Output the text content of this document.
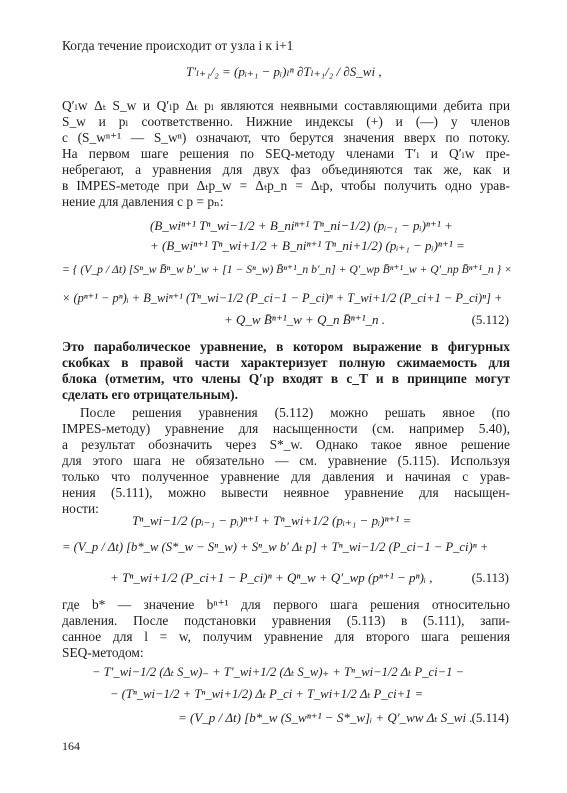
Когда течение происходит от узла i к i+1
T′ₗ₊₁/₂ = (pᵢ₊₁ − pᵢ)ₗⁿ ∂Tₗ₊₁/₂ / ∂S_wi ,
Q′ₗw Δₜ S_w и Q′ₗp Δₜ pₗ являются неявными составляющими дебита при
S_w и pₗ соответственно. Нижние индексы (+) и (—) у членов
с (S_wⁿ⁺¹ — S_wⁿ) означают, что берутся значения вверх по потоку.
На первом шаге решения по SEQ-методу членами T′ₗ и Q′ₗw пре-
небрегают, а уравнения для двух фаз объединяются так же, как и
в IMPES-методе при Δₜp_w = Δₜp_n = Δₜp, чтобы получить одно урав-
нение для давления с p = pₙ:
(B_wiⁿ⁺¹ Tⁿ_wi−1/2 + B_niⁿ⁺¹ Tⁿ_ni−1/2) (pᵢ₋₁ − pᵢ)ⁿ⁺¹ +
+ (B_wiⁿ⁺¹ Tⁿ_wi+1/2 + B_niⁿ⁺¹ Tⁿ_ni+1/2) (pᵢ₊₁ − pᵢ)ⁿ⁺¹ =
= { (V_p / Δt) [Sⁿ_w B̄ⁿ_w b′_w + [1 − Sⁿ_w) B̄ⁿ⁺¹_n b′_n] + Q′_wp B̄ⁿ⁺¹_w + Q′_np B̄ⁿ⁺¹_n } ×
× (pⁿ⁺¹ − pⁿ)ᵢ + B_wiⁿ⁺¹ (Tⁿ_wi−1/2 (P_ci−1 − P_ci)ⁿ + T_wi+1/2 (P_ci+1 − P_ci)ⁿ] +
+ Q_w B̄ⁿ⁺¹_w + Q_n B̄ⁿ⁺¹_n .	(5.112)
Это параболическое уравнение, в котором выражение в фигурных
скобках в правой части характеризует полную сжимаемость для
блока (отметим, что члены Q′ₗp входят в c_T и в принципе могут
сделать его отрицательным).
После решения уравнения (5.112) можно решать явное (по
IMPES-методу) уравнение для насыщенности (см. например 5.40),
а результат обозначить через S*_w. Однако такое явное решение
для этого шага не обязательно — см. уравнение (5.115). Используя
только что полученное уравнение для давления и начиная с урав-
нения (5.111), можно вывести неявное уравнение для насыщен-
ности:
Tⁿ_wi−1/2 (pᵢ₋₁ − pᵢ)ⁿ⁺¹ + Tⁿ_wi+1/2 (pᵢ₊₁ − pᵢ)ⁿ⁺¹ =
= (V_p / Δt) [b*_w (S*_w − Sⁿ_w) + Sⁿ_w b′ Δₜ p] + Tⁿ_wi−1/2 (P_ci−1 − P_ci)ⁿ +
+ Tⁿ_wi+1/2 (P_ci+1 − P_ci)ⁿ + Qⁿ_w + Q′_wp (pⁿ⁺¹ − pⁿ)ᵢ ,	(5.113)
где b* — значение bⁿ⁺¹ для первого шага решения относительно
давления. После подстановки уравнения (5.113) в (5.111), запи-
санное для l = w, получим уравнение для второго шага решения
SEQ-методом:
− T′_wi−1/2 (Δₜ S_w)₋ + T′_wi+1/2 (Δₜ S_w)₊ + Tⁿ_wi−1/2 Δₜ P_ci−1 −
− (Tⁿ_wi−1/2 + Tⁿ_wi+1/2) Δₜ P_ci + T_wi+1/2 Δₜ P_ci+1 =
= (V_p / Δt) [b*_w (S_wⁿ⁺¹ − S*_w]ᵢ + Q′_ww Δₜ S_wi .
(5.114)
164
